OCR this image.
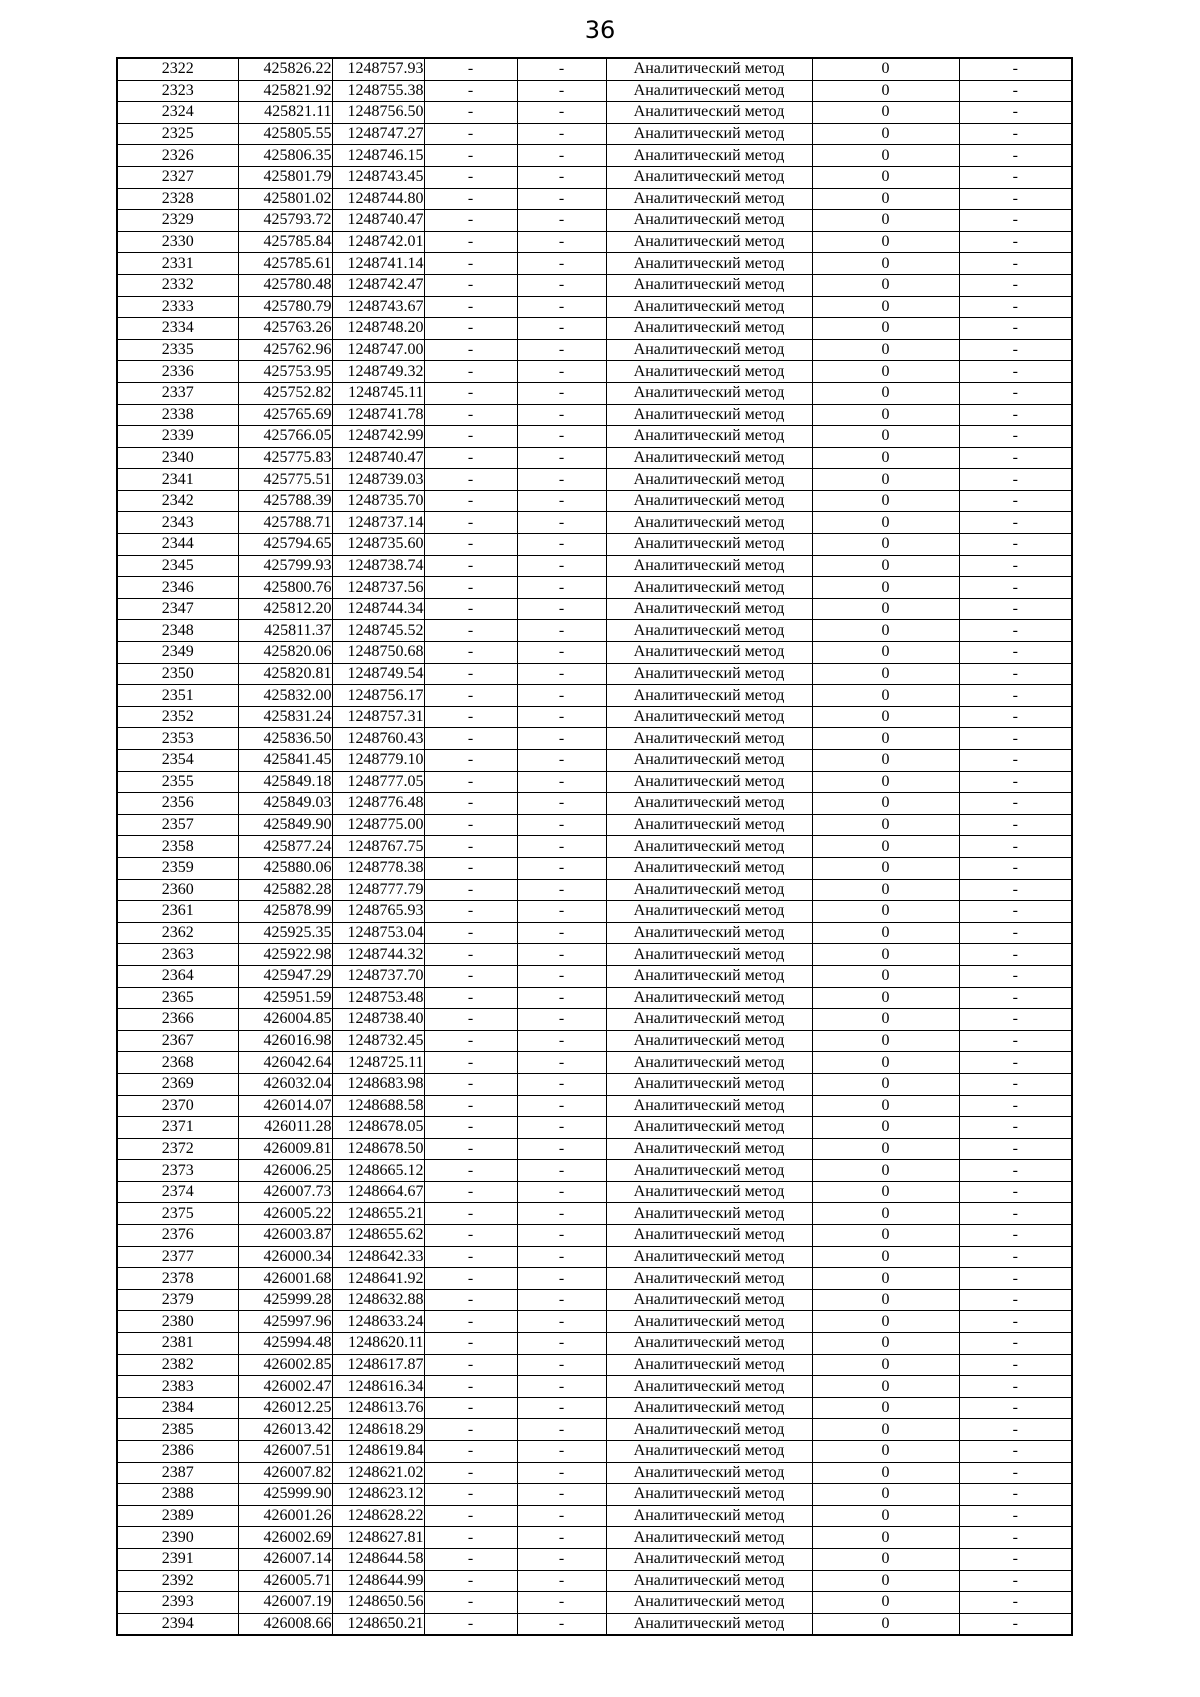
36
2322	425826.22	1248757.93	-	-	Аналитический метод	0	-
2323	425821.92	1248755.38	-	-	Аналитический метод	0	-
2324	425821.11	1248756.50	-	-	Аналитический метод	0	-
2325	425805.55	1248747.27	-	-	Аналитический метод	0	-
2326	425806.35	1248746.15	-	-	Аналитический метод	0	-
2327	425801.79	1248743.45	-	-	Аналитический метод	0	-
2328	425801.02	1248744.80	-	-	Аналитический метод	0	-
2329	425793.72	1248740.47	-	-	Аналитический метод	0	-
2330	425785.84	1248742.01	-	-	Аналитический метод	0	-
2331	425785.61	1248741.14	-	-	Аналитический метод	0	-
2332	425780.48	1248742.47	-	-	Аналитический метод	0	-
2333	425780.79	1248743.67	-	-	Аналитический метод	0	-
2334	425763.26	1248748.20	-	-	Аналитический метод	0	-
2335	425762.96	1248747.00	-	-	Аналитический метод	0	-
2336	425753.95	1248749.32	-	-	Аналитический метод	0	-
2337	425752.82	1248745.11	-	-	Аналитический метод	0	-
2338	425765.69	1248741.78	-	-	Аналитический метод	0	-
2339	425766.05	1248742.99	-	-	Аналитический метод	0	-
2340	425775.83	1248740.47	-	-	Аналитический метод	0	-
2341	425775.51	1248739.03	-	-	Аналитический метод	0	-
2342	425788.39	1248735.70	-	-	Аналитический метод	0	-
2343	425788.71	1248737.14	-	-	Аналитический метод	0	-
2344	425794.65	1248735.60	-	-	Аналитический метод	0	-
2345	425799.93	1248738.74	-	-	Аналитический метод	0	-
2346	425800.76	1248737.56	-	-	Аналитический метод	0	-
2347	425812.20	1248744.34	-	-	Аналитический метод	0	-
2348	425811.37	1248745.52	-	-	Аналитический метод	0	-
2349	425820.06	1248750.68	-	-	Аналитический метод	0	-
2350	425820.81	1248749.54	-	-	Аналитический метод	0	-
2351	425832.00	1248756.17	-	-	Аналитический метод	0	-
2352	425831.24	1248757.31	-	-	Аналитический метод	0	-
2353	425836.50	1248760.43	-	-	Аналитический метод	0	-
2354	425841.45	1248779.10	-	-	Аналитический метод	0	-
2355	425849.18	1248777.05	-	-	Аналитический метод	0	-
2356	425849.03	1248776.48	-	-	Аналитический метод	0	-
2357	425849.90	1248775.00	-	-	Аналитический метод	0	-
2358	425877.24	1248767.75	-	-	Аналитический метод	0	-
2359	425880.06	1248778.38	-	-	Аналитический метод	0	-
2360	425882.28	1248777.79	-	-	Аналитический метод	0	-
2361	425878.99	1248765.93	-	-	Аналитический метод	0	-
2362	425925.35	1248753.04	-	-	Аналитический метод	0	-
2363	425922.98	1248744.32	-	-	Аналитический метод	0	-
2364	425947.29	1248737.70	-	-	Аналитический метод	0	-
2365	425951.59	1248753.48	-	-	Аналитический метод	0	-
2366	426004.85	1248738.40	-	-	Аналитический метод	0	-
2367	426016.98	1248732.45	-	-	Аналитический метод	0	-
2368	426042.64	1248725.11	-	-	Аналитический метод	0	-
2369	426032.04	1248683.98	-	-	Аналитический метод	0	-
2370	426014.07	1248688.58	-	-	Аналитический метод	0	-
2371	426011.28	1248678.05	-	-	Аналитический метод	0	-
2372	426009.81	1248678.50	-	-	Аналитический метод	0	-
2373	426006.25	1248665.12	-	-	Аналитический метод	0	-
2374	426007.73	1248664.67	-	-	Аналитический метод	0	-
2375	426005.22	1248655.21	-	-	Аналитический метод	0	-
2376	426003.87	1248655.62	-	-	Аналитический метод	0	-
2377	426000.34	1248642.33	-	-	Аналитический метод	0	-
2378	426001.68	1248641.92	-	-	Аналитический метод	0	-
2379	425999.28	1248632.88	-	-	Аналитический метод	0	-
2380	425997.96	1248633.24	-	-	Аналитический метод	0	-
2381	425994.48	1248620.11	-	-	Аналитический метод	0	-
2382	426002.85	1248617.87	-	-	Аналитический метод	0	-
2383	426002.47	1248616.34	-	-	Аналитический метод	0	-
2384	426012.25	1248613.76	-	-	Аналитический метод	0	-
2385	426013.42	1248618.29	-	-	Аналитический метод	0	-
2386	426007.51	1248619.84	-	-	Аналитический метод	0	-
2387	426007.82	1248621.02	-	-	Аналитический метод	0	-
2388	425999.90	1248623.12	-	-	Аналитический метод	0	-
2389	426001.26	1248628.22	-	-	Аналитический метод	0	-
2390	426002.69	1248627.81	-	-	Аналитический метод	0	-
2391	426007.14	1248644.58	-	-	Аналитический метод	0	-
2392	426005.71	1248644.99	-	-	Аналитический метод	0	-
2393	426007.19	1248650.56	-	-	Аналитический метод	0	-
2394	426008.66	1248650.21	-	-	Аналитический метод	0	-
